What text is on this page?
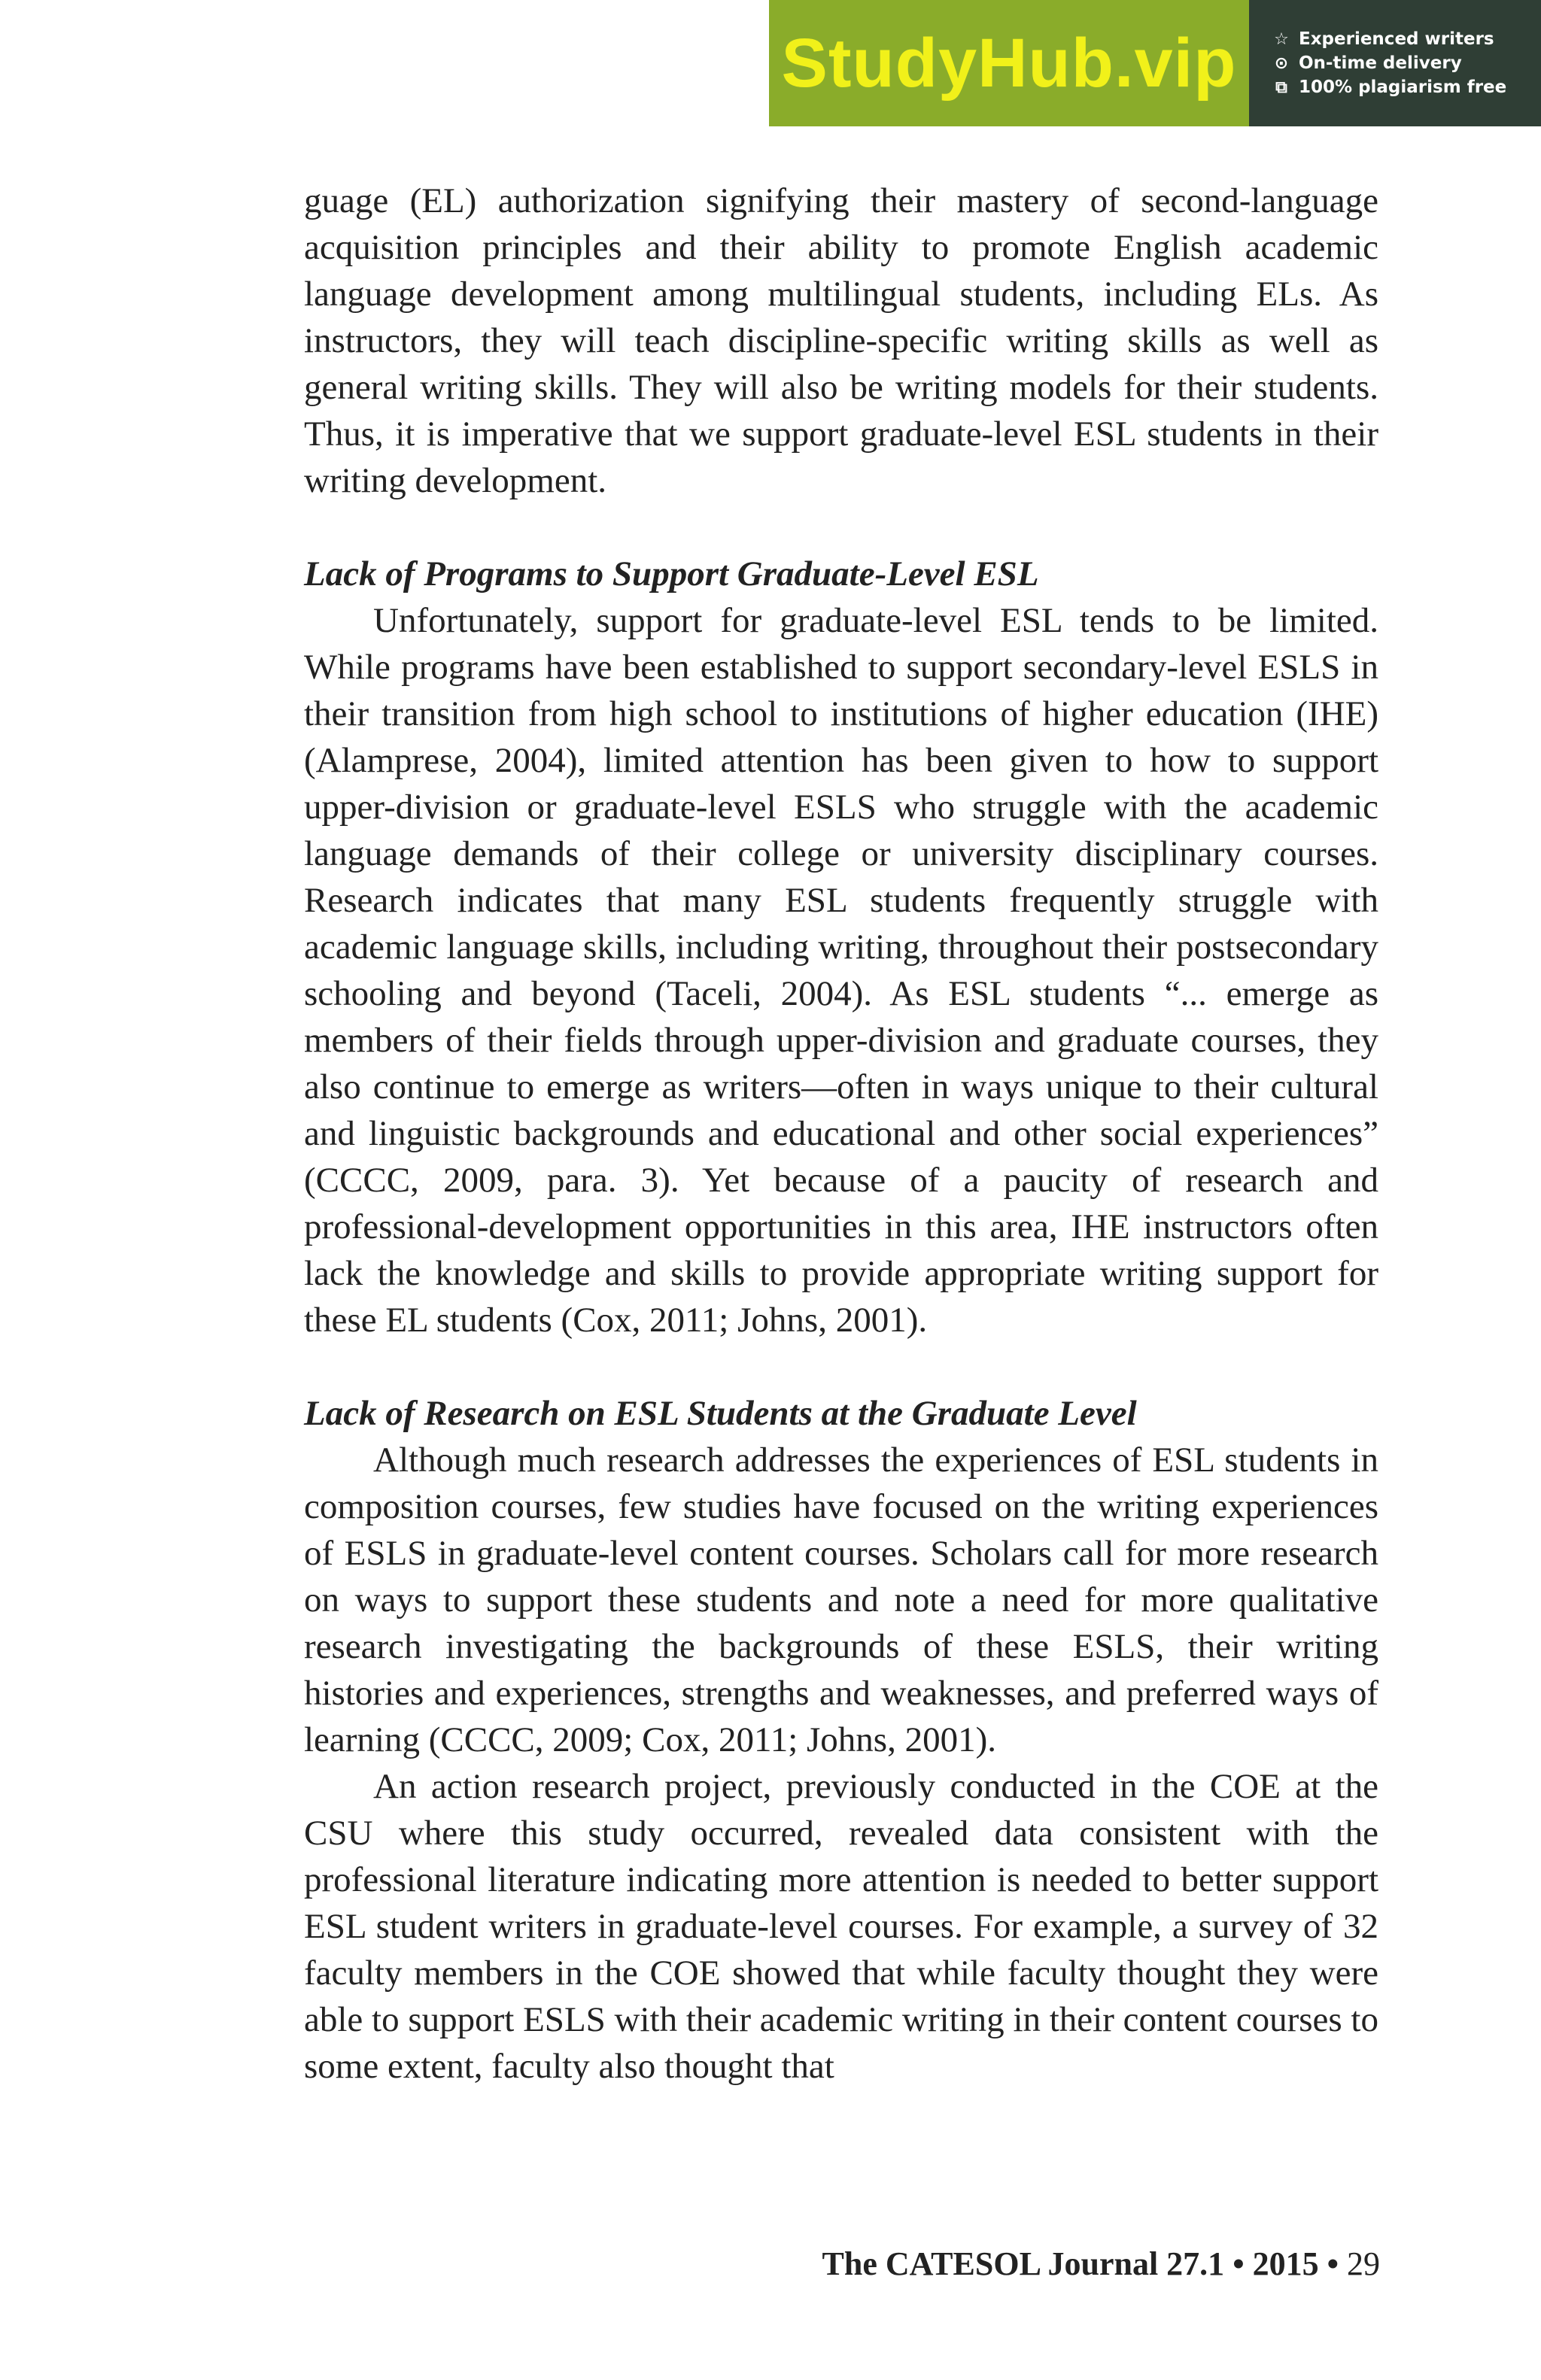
StudyHub.vip	☆ Experienced writers
⊙ On-time delivery
⧉ 100% plagiarism free

guage (EL) authorization signifying their mastery of second-language acquisition principles and their ability to promote English academic language development among multilingual students, including ELs. As instructors, they will teach discipline-specific writing skills as well as general writing skills. They will also be writing models for their students. Thus, it is imperative that we support graduate-level ESL students in their writing development.

Lack of Programs to Support Graduate-Level ESL

Unfortunately, support for graduate-level ESL tends to be limited. While programs have been established to support secondary-level ESLS in their transition from high school to institutions of higher education (IHE) (Alamprese, 2004), limited attention has been given to how to support upper-division or graduate-level ESLS who struggle with the academic language demands of their college or university disciplinary courses. Research indicates that many ESL students frequently struggle with academic language skills, including writing, throughout their postsecondary schooling and beyond (Taceli, 2004). As ESL students “... emerge as members of their fields through upper-division and graduate courses, they also continue to emerge as writers—often in ways unique to their cultural and linguistic backgrounds and educational and other social experiences” (CCCC, 2009, para. 3). Yet because of a paucity of research and professional-development opportunities in this area, IHE instructors often lack the knowledge and skills to provide appropriate writing support for these EL students (Cox, 2011; Johns, 2001).

Lack of Research on ESL Students at the Graduate Level

Although much research addresses the experiences of ESL students in composition courses, few studies have focused on the writing experiences of ESLS in graduate-level content courses. Scholars call for more research on ways to support these students and note a need for more qualitative research investigating the backgrounds of these ESLS, their writing histories and experiences, strengths and weaknesses, and preferred ways of learning (CCCC, 2009; Cox, 2011; Johns, 2001).

An action research project, previously conducted in the COE at the CSU where this study occurred, revealed data consistent with the professional literature indicating more attention is needed to better support ESL student writers in graduate-level courses. For example, a survey of 32 faculty members in the COE showed that while faculty thought they were able to support ESLS with their academic writing in their content courses to some extent, faculty also thought that

The CATESOL Journal 27.1 • 2015 • 29
